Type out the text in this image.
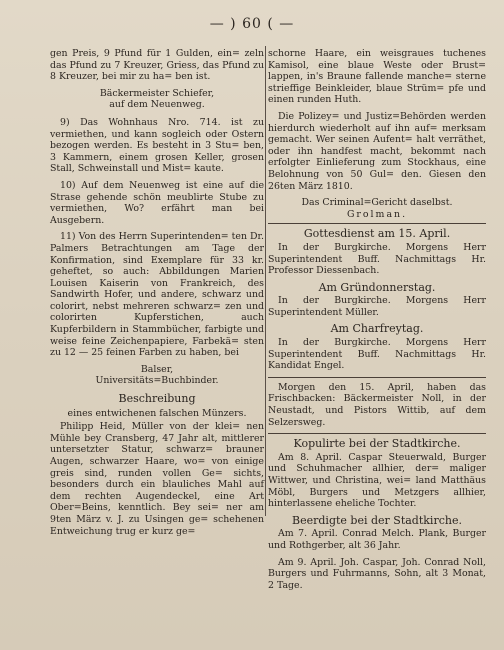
— ) 60 ( —

gen Preis, 9 Pfund für 1 Gulden, ein= zeln das Pfund zu 7 Kreuzer, Griess, das Pfund zu 8 Kreuzer, bei mir zu ha= ben ist.

Bäckermeister Schiefer,
auf dem Neuenweg.

9) Das Wohnhaus Nro. 714. ist zu vermiethen, und kann sogleich oder Ostern bezogen werden. Es besteht in 3 Stu= ben, 3 Kammern, einem grosen Keller, grosen Stall, Schweinstall und Mist= kaute.

10) Auf dem Neuenweg ist eine auf die Strase gehende schön meublirte Stube zu vermiethen, Wo? erfährt man bei Ausgebern.

11) Von des Herrn Superintenden= ten Dr. Palmers Betrachtungen am Tage der Konfirmation, sind Exemplare für 33 kr. geheftet, so auch: Abbildungen Marien Louisen Kaiserin von Frankreich, des Sandwirth Hofer, und andere, schwarz und colorirt, nebst mehreren schwarz= zen und colorirten Kupferstichen, auch Kupferbildern in Stammbücher, farbigte und weise feine Zeichenpapiere, Farbekä= sten zu 12 — 25 feinen Farben zu haben, bei

Balser,
Universitäts=Buchbinder.
Beschreibung
eines entwichenen falschen Münzers.

Philipp Heid, Müller von der klei= nen Mühle bey Cransberg, 47 Jahr alt, mittlerer untersetzter Statur, schwarz= brauner Augen, schwarzer Haare, wo= von einige greis sind, runden vollen Ge= sichts, besonders durch ein blauliches Mahl auf dem rechten Augendeckel, eine Art Ober=Beins, kenntlich. Bey sei= ner am 9ten März v. J. zu Usingen ge= schehenen Entweichung trug er kurz ge=

schorne Haare, ein weisgraues tuchenes Kamisol, eine blaue Weste oder Brust= lappen, in's Braune fallende manche= sterne strieffige Beinkleider, blaue Strüm= pfe und einen runden Huth.

Die Polizey= und Justiz=Behörden werden hierdurch wiederholt auf ihn auf= merksam gemacht. Wer seinen Aufent= halt verräthet, oder ihn handfest macht, bekommt nach erfolgter Einlieferung zum Stockhaus, eine Belohnung von 50 Gul= den. Giesen den 26ten März 1810.

Das Criminal=Gericht daselbst.
Grolman.
Gottesdienst am 15. April.

In der Burgkirche. Morgens Herr Superintendent Buff. Nachmittags Hr. Professor Diessenbach.

Am Gründonnerstag.

In der Burgkirche. Morgens Herr Superintendent Müller.

Am Charfreytag.

In der Burgkirche. Morgens Herr Superintendent Buff. Nachmittags Hr. Kandidat Engel.

Morgen den 15. April, haben das Frischbacken: Bäckermeister Noll, in der Neustadt, und Pistors Wittib, auf dem Selzersweg.

Kopulirte bei der Stadtkirche.

Am 8. April. Caspar Steuerwald, Burger und Schuhmacher allhier, der= maliger Wittwer, und Christina, wei= land Matthäus Möbl, Burgers und Metzgers allhier, hinterlassene eheliche Tochter.

Beerdigte bei der Stadtkirche.

Am 7. April. Conrad Melch. Plank, Burger und Rothgerber, alt 36 Jahr.

Am 9. April. Joh. Caspar, Joh. Conrad Noll, Burgers und Fuhrmanns, Sohn, alt 3 Monat, 2 Tage.
